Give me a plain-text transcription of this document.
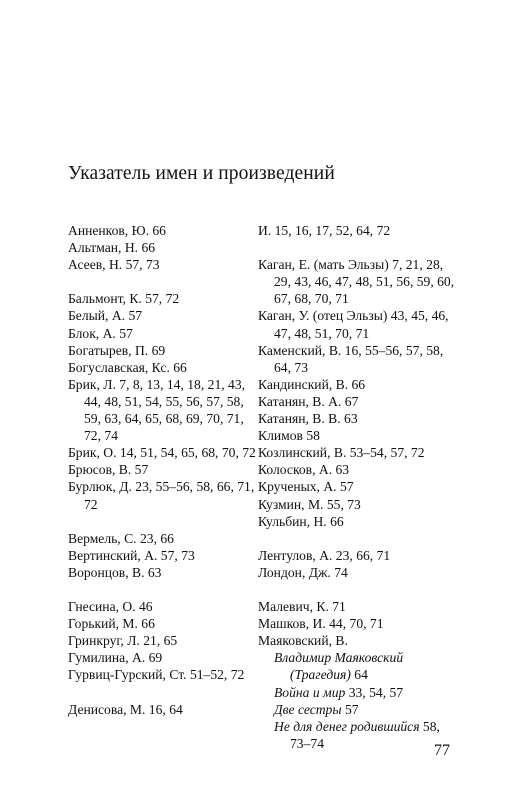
Указатель имен и произведений
Анненков, Ю. 66
Альтман, Н. 66
Асеев, Н. 57, 73
Бальмонт, К. 57, 72
Белый, А. 57
Блок, А. 57
Богатырев, П. 69
Богуславская, Кс. 66
Брик, Л. 7, 8, 13, 14, 18, 21, 43, 44, 48, 51, 54, 55, 56, 57, 58, 59, 63, 64, 65, 68, 69, 70, 71, 72, 74
Брик, О. 14, 51, 54, 65, 68, 70, 72
Брюсов, В. 57
Бурлюк, Д. 23, 55–56, 58, 66, 71, 72
Вермель, С. 23, 66
Вертинский, А. 57, 73
Воронцов, В. 63
Гнесина, О. 46
Горький, М. 66
Гринкруг, Л. 21, 65
Гумилина, А. 69
Гурвиц-Гурский, Ст. 51–52, 72
Денисова, М. 16, 64
И. 15, 16, 17, 52, 64, 72
Каган, Е. (мать Эльзы) 7, 21, 28, 29, 43, 46, 47, 48, 51, 56, 59, 60, 67, 68, 70, 71
Каган, У. (отец Эльзы) 43, 45, 46, 47, 48, 51, 70, 71
Каменский, В. 16, 55–56, 57, 58, 64, 73
Кандинский, В. 66
Катанян, В. А. 67
Катанян, В. В. 63
Климов 58
Козлинский, В. 53–54, 57, 72
Колосков, А. 63
Крученых, А. 57
Кузмин, М. 55, 73
Кульбин, Н. 66
Лентулов, А. 23, 66, 71
Лондон, Дж. 74
Малевич, К. 71
Машков, И. 44, 70, 71
Маяковский, В.
Владимир Маяковский (Трагедия) 64
Война и мир 33, 54, 57
Две сестры 57
Не для денег родившийся 58, 73–74	77
